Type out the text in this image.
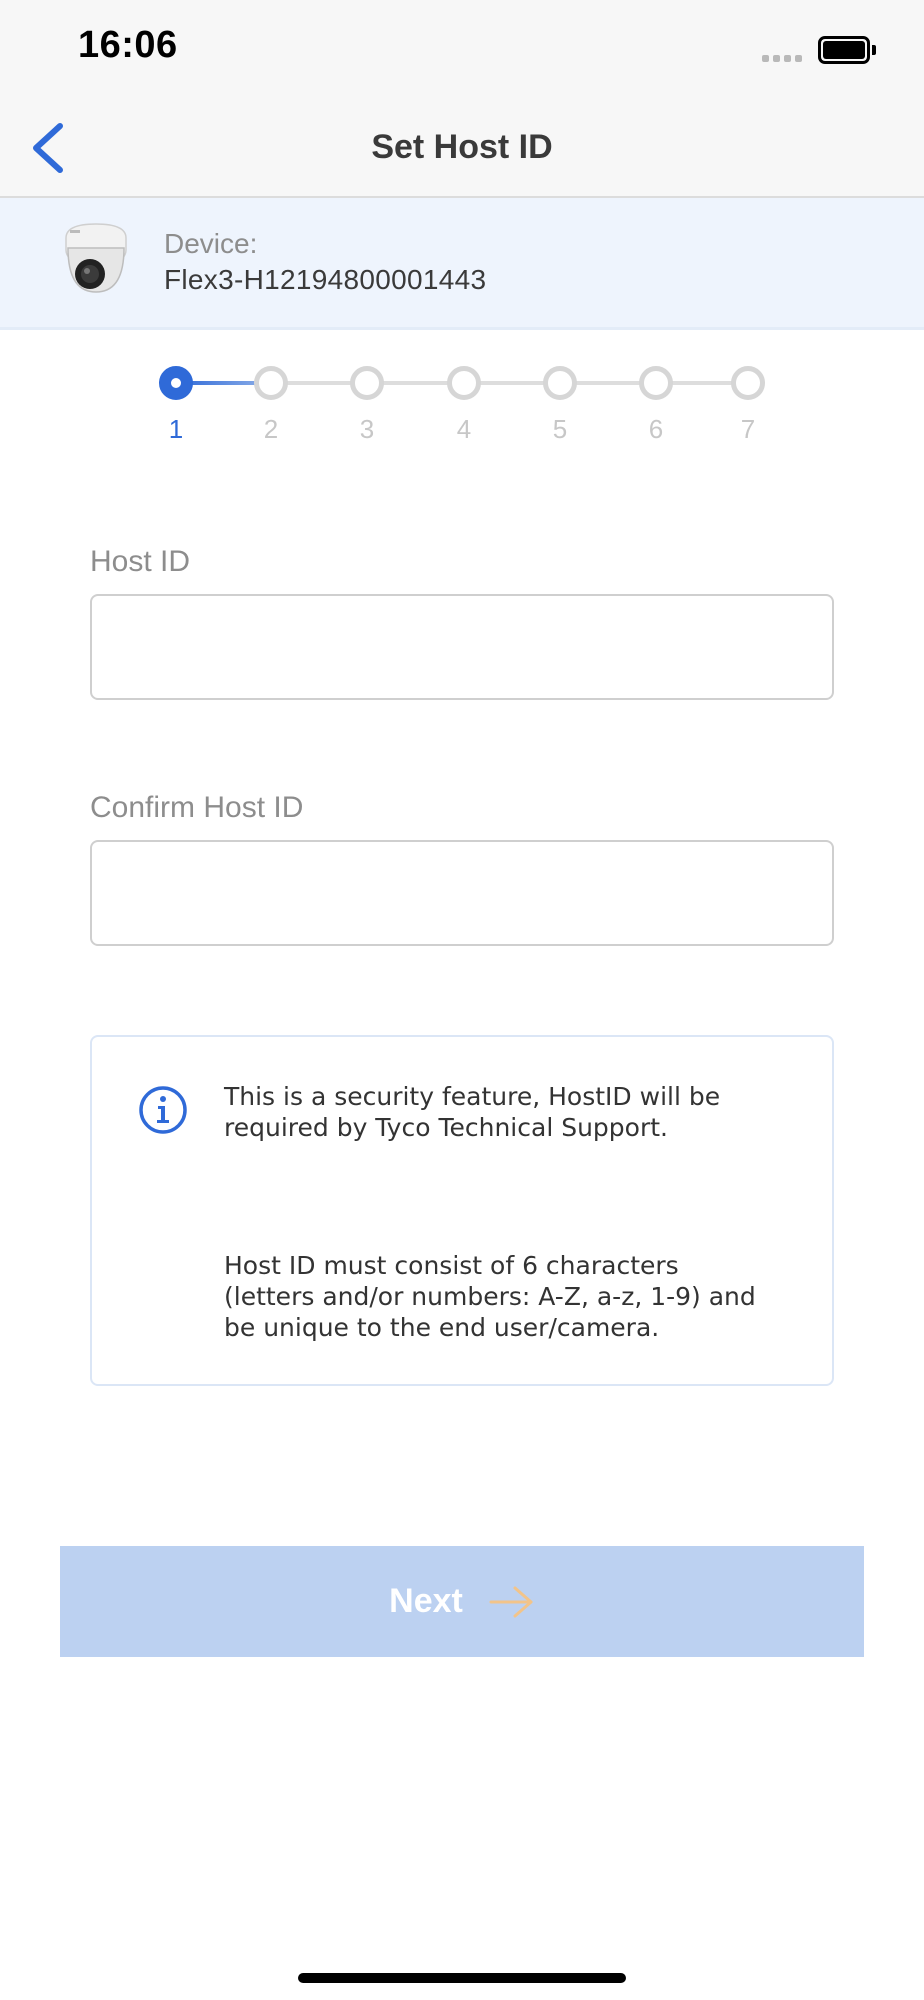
16:06
Set Host ID
Device:
Flex3-H12194800001443
1	2	3	4	5	6	7
Host ID
Confirm Host ID
This is a security feature, HostID will be
required by Tyco Technical Support.
Host ID must consist of 6 characters
(letters and/or numbers: A-Z, a-z, 1-9) and
be unique to the end user/camera.
Next
